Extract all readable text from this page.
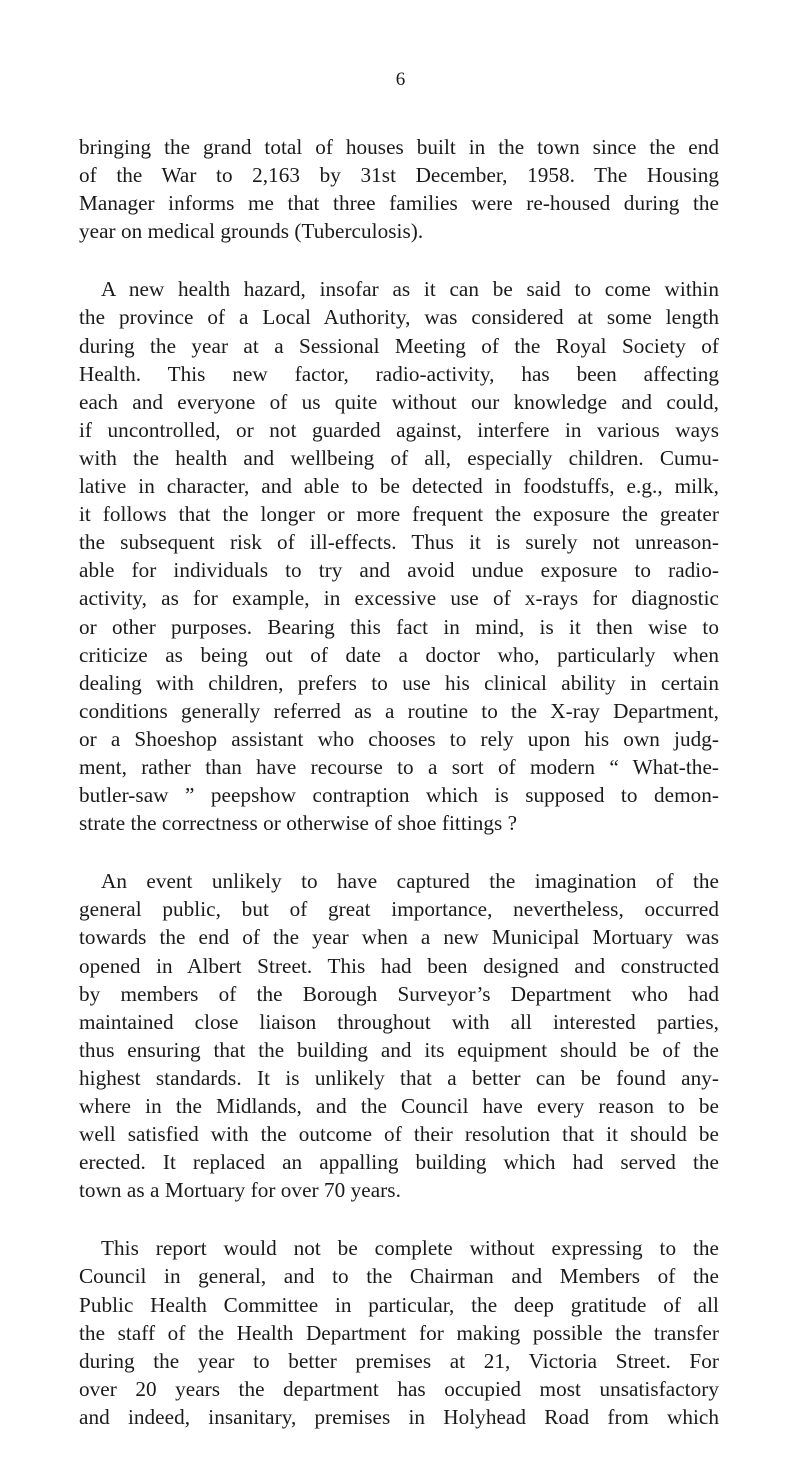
6

bringing the grand total of houses built in the town since the end
of the War to 2,163 by 31st December, 1958. The Housing
Manager informs me that three families were re-housed during the
year on medical grounds (Tuberculosis).

A new health hazard, insofar as it can be said to come within
the province of a Local Authority, was considered at some length
during the year at a Sessional Meeting of the Royal Society of
Health. This new factor, radio-activity, has been affecting
each and everyone of us quite without our knowledge and could,
if uncontrolled, or not guarded against, interfere in various ways
with the health and wellbeing of all, especially children. Cumu-
lative in character, and able to be detected in foodstuffs, e.g., milk,
it follows that the longer or more frequent the exposure the greater
the subsequent risk of ill-effects. Thus it is surely not unreason-
able for individuals to try and avoid undue exposure to radio-
activity, as for example, in excessive use of x-rays for diagnostic
or other purposes. Bearing this fact in mind, is it then wise to
criticize as being out of date a doctor who, particularly when
dealing with children, prefers to use his clinical ability in certain
conditions generally referred as a routine to the X-ray Department,
or a Shoeshop assistant who chooses to rely upon his own judg-
ment, rather than have recourse to a sort of modern “ What-the-
butler-saw ” peepshow contraption which is supposed to demon-
strate the correctness or otherwise of shoe fittings ?

An event unlikely to have captured the imagination of the
general public, but of great importance, nevertheless, occurred
towards the end of the year when a new Municipal Mortuary was
opened in Albert Street. This had been designed and constructed
by members of the Borough Surveyor’s Department who had
maintained close liaison throughout with all interested parties,
thus ensuring that the building and its equipment should be of the
highest standards. It is unlikely that a better can be found any-
where in the Midlands, and the Council have every reason to be
well satisfied with the outcome of their resolution that it should be
erected. It replaced an appalling building which had served the
town as a Mortuary for over 70 years.

This report would not be complete without expressing to the
Council in general, and to the Chairman and Members of the
Public Health Committee in particular, the deep gratitude of all
the staff of the Health Department for making possible the transfer
during the year to better premises at 21, Victoria Street. For
over 20 years the department has occupied most unsatisfactory
and indeed, insanitary, premises in Holyhead Road from which
